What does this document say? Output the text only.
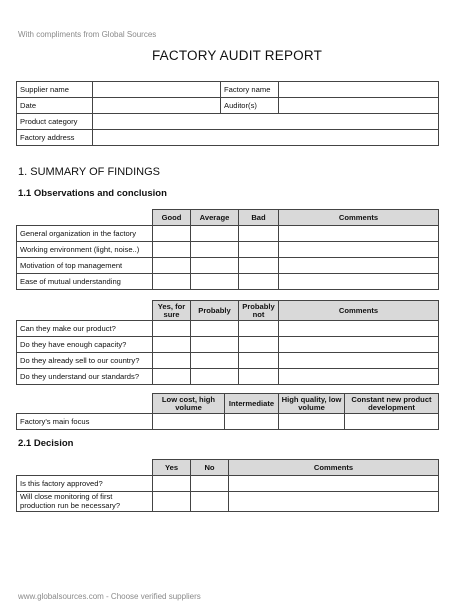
With compliments from Global Sources
FACTORY AUDIT REPORT
Supplier name		Factory name	
Date		Auditor(s)	
Product category			
Factory address			
1. SUMMARY OF FINDINGS
1.1 Observations and conclusion
	Good	Average	Bad	Comments
General organization in the factory				
Working environment (light, noise..)				
Motivation of top management				
Ease of mutual understanding				
	Yes, for sure	Probably	Probably not	Comments
Can they make our product?				
Do they have enough capacity?				
Do they already sell to our country?				
Do they understand our standards?				
	Low cost, high volume	Intermediate	High quality, low volume	Constant new product development
Factory's main focus				
2.1 Decision
	Yes	No	Comments
Is this factory approved?			
Will close monitoring of first production run be necessary?			
www.globalsources.com - Choose verified suppliers
